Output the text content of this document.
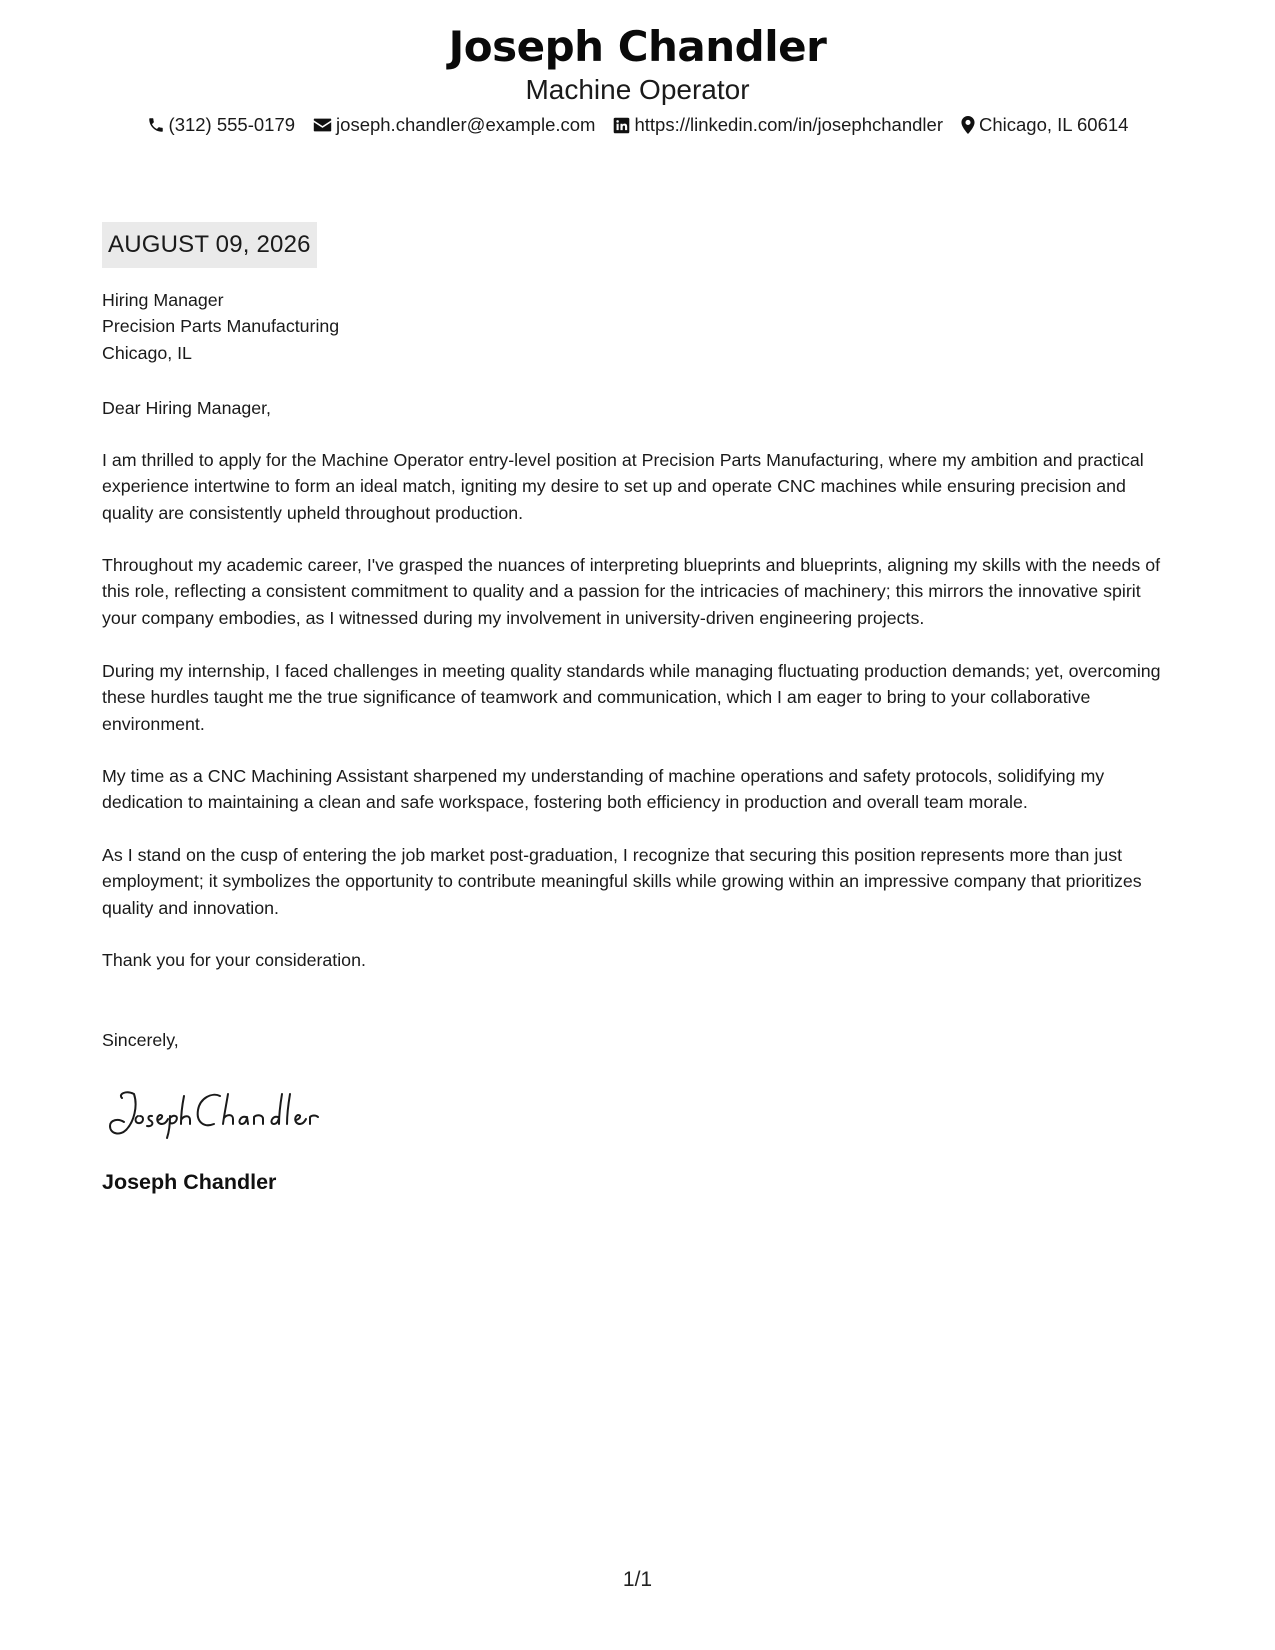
Joseph Chandler
Machine Operator
(312) 555-0179 joseph.chandler@example.com https://linkedin.com/in/josephchandler Chicago, IL 60614
AUGUST 09, 2026
Hiring Manager
Precision Parts Manufacturing
Chicago, IL
Dear Hiring Manager,
I am thrilled to apply for the Machine Operator entry-level position at Precision Parts Manufacturing, where my ambition and practical experience intertwine to form an ideal match, igniting my desire to set up and operate CNC machines while ensuring precision and quality are consistently upheld throughout production.
Throughout my academic career, I've grasped the nuances of interpreting blueprints and blueprints, aligning my skills with the needs of this role, reflecting a consistent commitment to quality and a passion for the intricacies of machinery; this mirrors the innovative spirit your company embodies, as I witnessed during my involvement in university-driven engineering projects.
During my internship, I faced challenges in meeting quality standards while managing fluctuating production demands; yet, overcoming these hurdles taught me the true significance of teamwork and communication, which I am eager to bring to your collaborative environment.
My time as a CNC Machining Assistant sharpened my understanding of machine operations and safety protocols, solidifying my dedication to maintaining a clean and safe workspace, fostering both efficiency in production and overall team morale.
As I stand on the cusp of entering the job market post-graduation, I recognize that securing this position represents more than just employment; it symbolizes the opportunity to contribute meaningful skills while growing within an impressive company that prioritizes quality and innovation.
Thank you for your consideration.
Sincerely,
Joseph Chandler
1/1
